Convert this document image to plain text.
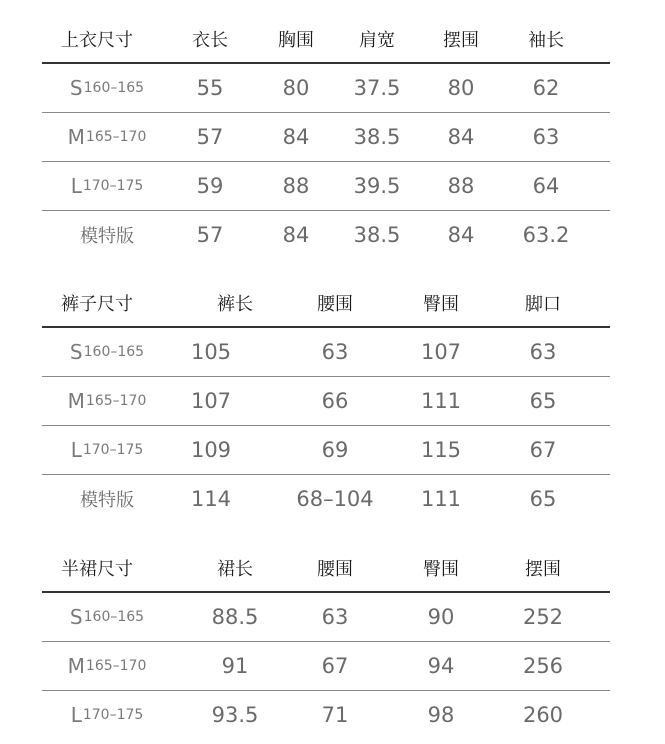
上衣尺寸	衣长	胸围	肩宽	摆围	袖长
S 160–165	55	80	37.5	80	62
M 165–170	57	84	38.5	84	63
L 170–175	59	88	39.5	88	64
模特版	57	84	38.5	84	63.2
裤子尺寸	裤长	腰围	臀围	脚口
S 160–165	105	63	107	63
M 165–170	107	66	111	65
L 170–175	109	69	115	67
模特版	114	68–104	111	65
半裙尺寸	裙长	腰围	臀围	摆围
S 160–165	88.5	63	90	252
M 165–170	91	67	94	256
L 170–175	93.5	71	98	260
